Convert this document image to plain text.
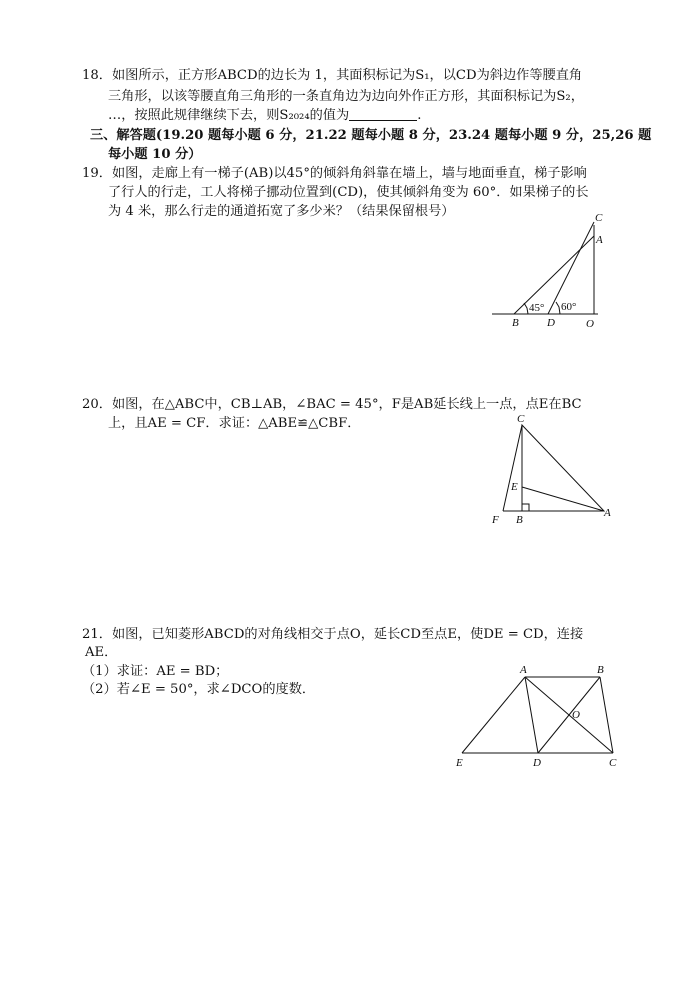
18．如图所示，正方形ABCD的边长为 1，其面积标记为S₁，以CD为斜边作等腰直角
三角形，以该等腰直角三角形的一条直角边为边向外作正方形，其面积标记为S₂，
…，按照此规律继续下去，则S₂₀₂₄的值为	.
三、解答题(19.20 题每小题 6 分，21.22 题每小题 8 分，23.24 题每小题 9 分，25,26 题
每小题 10 分）
19．如图，走廊上有一梯子(AB)以45°的倾斜角斜靠在墙上，墙与地面垂直，梯子影响
了行人的行走，工人将梯子挪动位置到(CD)，使其倾斜角变为 60°．如果梯子的长
为 4 米，那么行走的通道拓宽了多少米？（结果保留根号）	C
A
B	D	O
45° 60°
20．如图，在△ABC中，CB⊥AB，∠BAC = 45°，F是AB延长线上一点，点E在BC
上，且AE = CF．求证：△ABE≌△CBF．	C
E
F B
A
21．如图，已知菱形ABCD的对角线相交于点O，延长CD至点E，使DE = CD，连接
AE．
（1）求证：AE = BD；
（2）若∠E = 50°，求∠DCO的度数．
A	B
O
E	D	C
